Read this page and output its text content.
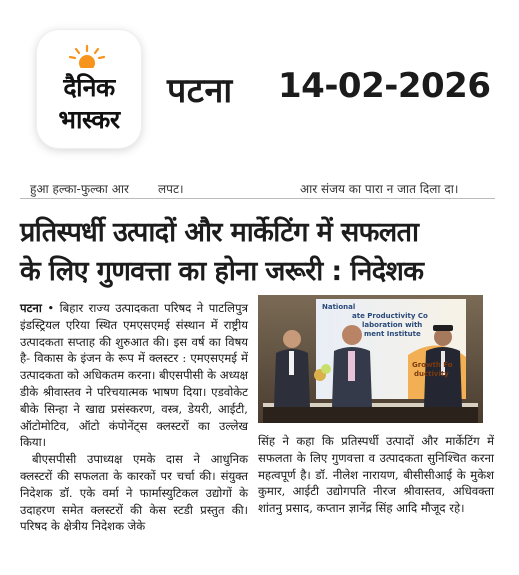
दैनिक
भास्कर
पटना 14-02-2026
हुआ हल्का-फुल्का आर लपट।	आर संजय का पारा न जात दिला दा।
प्रतिस्पर्धी उत्पादों और मार्केटिंग में सफलता
के लिए गुणवत्ता का होना जरूरी : निदेशक
पटना • बिहार राज्य उत्पादकता परिषद ने पाटलिपुत्र इंडस्ट्रियल एरिया स्थित एमएसएमई संस्थान में राष्ट्रीय उत्पादकता सप्ताह की शुरुआत की। इस वर्ष का विषय है- विकास के इंजन के रूप में क्लस्टर : एमएसएमई में उत्पादकता को अधिकतम करना। बीएसपीसी के अध्यक्ष डीके श्रीवास्तव ने परिचयात्मक भाषण दिया। एडवोकेट बीके सिन्हा ने खाद्य प्रसंस्करण, वस्त्र, डेयरी, आईटी, ऑटोमोटिव, ऑटो कंपोनेंट्स क्लस्टरों का उल्लेख किया।
बीएसपीसी उपाध्यक्ष एमके दास ने आधुनिक क्लस्टरों की सफलता के कारकों पर चर्चा की। संयुक्त निदेशक डॉ. एके वर्मा ने फार्मास्युटिकल उद्योगों के उदाहरण समेत क्लस्टरों की केस स्टडी प्रस्तुत की। परिषद के क्षेत्रीय निदेशक जेके
National
ate Productivity Co
laboration with
ment Institute
Growth Fo
ductivity
सिंह ने कहा कि प्रतिस्पर्धी उत्पादों और मार्केटिंग में सफलता के लिए गुणवत्ता व उत्पादकता सुनिश्चित करना महत्वपूर्ण है। डॉ. नीलेश नारायण, बीसीसीआई के मुकेश कुमार, आईटी उद्योगपति नीरज श्रीवास्तव, अधिवक्ता शांतनु प्रसाद, कप्तान ज्ञानेंद्र सिंह आदि मौजूद रहे।
